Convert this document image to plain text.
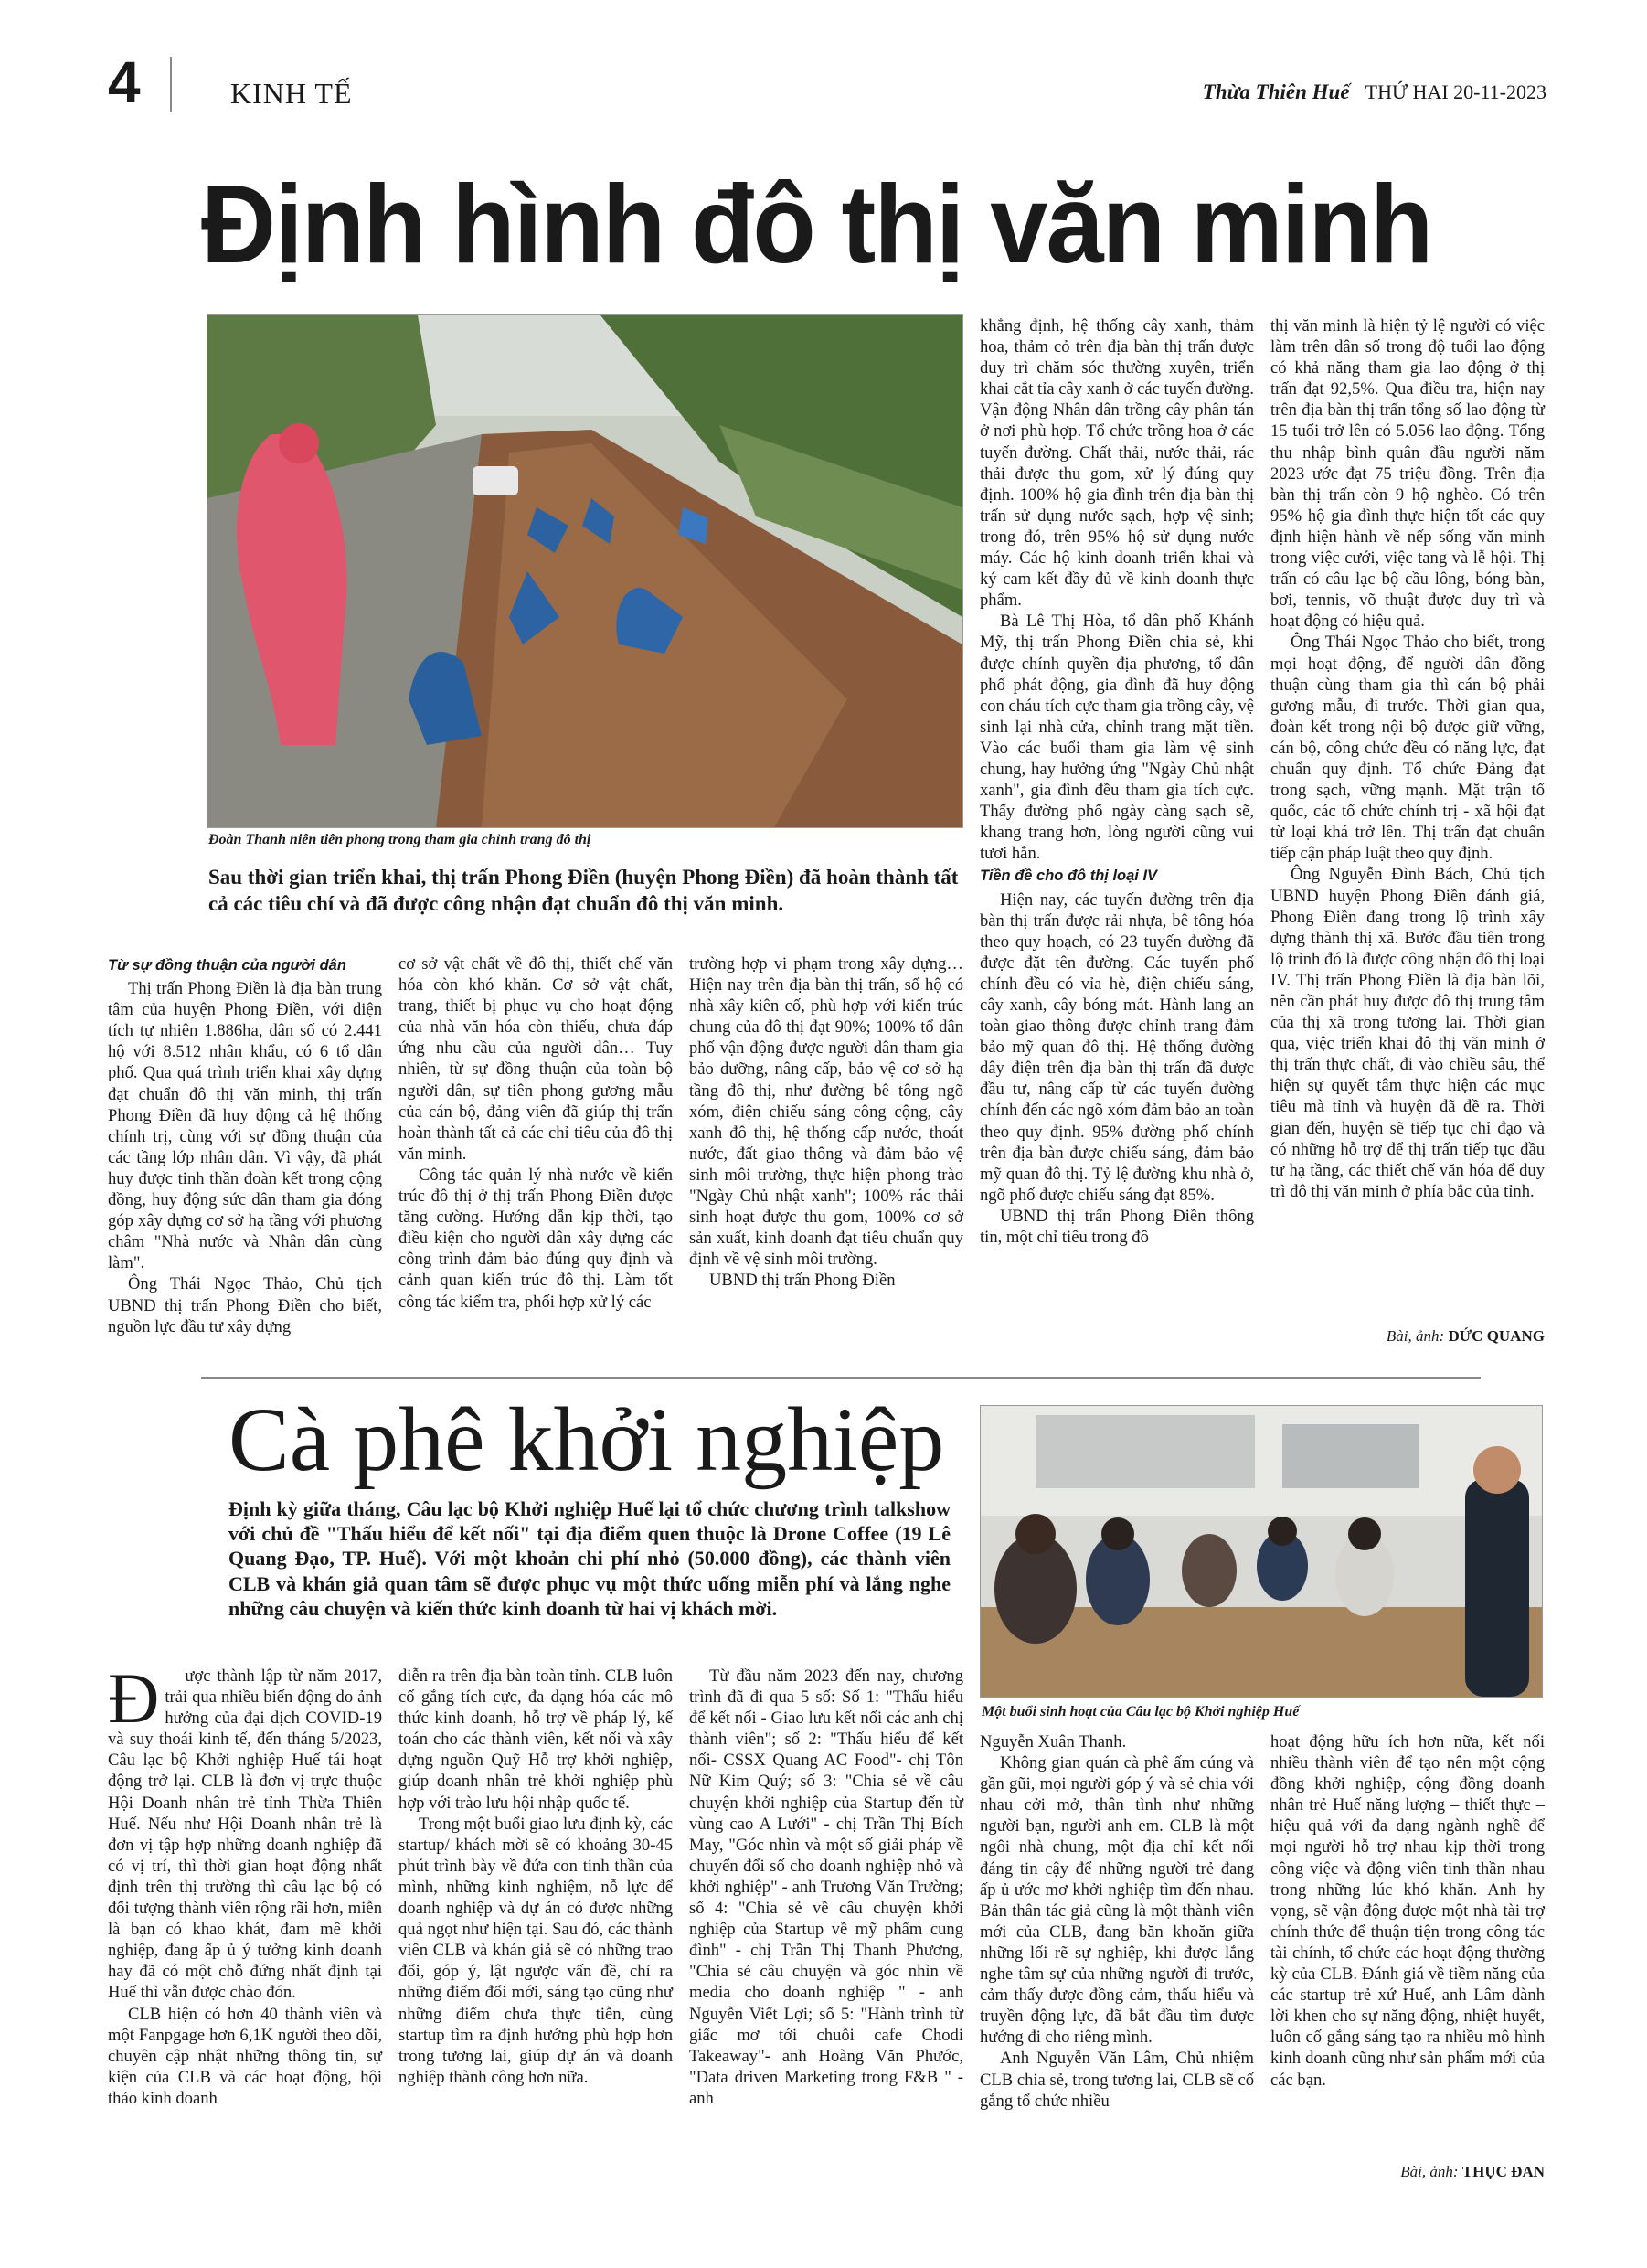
4	KINH TẾ	Thừa Thiên Huế THỨ HAI 20-11-2023
Định hình đô thị văn minh
Đoàn Thanh niên tiên phong trong tham gia chỉnh trang đô thị
Sau thời gian triển khai, thị trấn Phong Điền (huyện Phong Điền) đã hoàn thành tất cả các tiêu chí và đã được công nhận đạt chuẩn đô thị văn minh.
Từ sự đồng thuận của người dân

Thị trấn Phong Điền là địa bàn trung tâm của huyện Phong Điền, với diện tích tự nhiên 1.886ha, dân số có 2.441 hộ với 8.512 nhân khẩu, có 6 tổ dân phố. Qua quá trình triển khai xây dựng đạt chuẩn đô thị văn minh, thị trấn Phong Điền đã huy động cả hệ thống chính trị, cùng với sự đồng thuận của các tầng lớp nhân dân. Vì vậy, đã phát huy được tinh thần đoàn kết trong cộng đồng, huy động sức dân tham gia đóng góp xây dựng cơ sở hạ tầng với phương châm "Nhà nước và Nhân dân cùng làm".

Ông Thái Ngọc Thảo, Chủ tịch UBND thị trấn Phong Điền cho biết, nguồn lực đầu tư xây dựng

cơ sở vật chất về đô thị, thiết chế văn hóa còn khó khăn. Cơ sở vật chất, trang, thiết bị phục vụ cho hoạt động của nhà văn hóa còn thiếu, chưa đáp ứng nhu cầu của người dân… Tuy nhiên, từ sự đồng thuận của toàn bộ người dân, sự tiên phong gương mẫu của cán bộ, đảng viên đã giúp thị trấn hoàn thành tất cả các chỉ tiêu của đô thị văn minh.

Công tác quản lý nhà nước về kiến trúc đô thị ở thị trấn Phong Điền được tăng cường. Hướng dẫn kịp thời, tạo điều kiện cho người dân xây dựng các công trình đảm bảo đúng quy định và cảnh quan kiến trúc đô thị. Làm tốt công tác kiểm tra, phối hợp xử lý các

trường hợp vi phạm trong xây dựng… Hiện nay trên địa bàn thị trấn, số hộ có nhà xây kiên cố, phù hợp với kiến trúc chung của đô thị đạt 90%; 100% tổ dân phố vận động được người dân tham gia bảo dưỡng, nâng cấp, bảo vệ cơ sở hạ tầng đô thị, như đường bê tông ngõ xóm, điện chiếu sáng công cộng, cây xanh đô thị, hệ thống cấp nước, thoát nước, đất giao thông và đảm bảo vệ sinh môi trường, thực hiện phong trào "Ngày Chủ nhật xanh"; 100% rác thải sinh hoạt được thu gom, 100% cơ sở sản xuất, kinh doanh đạt tiêu chuẩn quy định về vệ sinh môi trường.

UBND thị trấn Phong Điền

khẳng định, hệ thống cây xanh, thảm hoa, thảm cỏ trên địa bàn thị trấn được duy trì chăm sóc thường xuyên, triển khai cắt tỉa cây xanh ở các tuyến đường. Vận động Nhân dân trồng cây phân tán ở nơi phù hợp. Tổ chức trồng hoa ở các tuyến đường. Chất thải, nước thải, rác thải được thu gom, xử lý đúng quy định. 100% hộ gia đình trên địa bàn thị trấn sử dụng nước sạch, hợp vệ sinh; trong đó, trên 95% hộ sử dụng nước máy. Các hộ kinh doanh triển khai và ký cam kết đầy đủ về kinh doanh thực phẩm.

Bà Lê Thị Hòa, tổ dân phố Khánh Mỹ, thị trấn Phong Điền chia sẻ, khi được chính quyền địa phương, tổ dân phố phát động, gia đình đã huy động con cháu tích cực tham gia trồng cây, vệ sinh lại nhà cửa, chỉnh trang mặt tiền. Vào các buổi tham gia làm vệ sinh chung, hay hưởng ứng "Ngày Chủ nhật xanh", gia đình đều tham gia tích cực. Thấy đường phố ngày càng sạch sẽ, khang trang hơn, lòng người cũng vui tươi hẳn.

Tiền đề cho đô thị loại IV

Hiện nay, các tuyến đường trên địa bàn thị trấn được rải nhựa, bê tông hóa theo quy hoạch, có 23 tuyến đường đã được đặt tên đường. Các tuyến phố chính đều có vỉa hè, điện chiếu sáng, cây xanh, cây bóng mát. Hành lang an toàn giao thông được chỉnh trang đảm bảo mỹ quan đô thị. Hệ thống đường dây điện trên địa bàn thị trấn đã được đầu tư, nâng cấp từ các tuyến đường chính đến các ngõ xóm đảm bảo an toàn theo quy định. 95% đường phố chính trên địa bàn được chiếu sáng, đảm bảo mỹ quan đô thị. Tỷ lệ đường khu nhà ở, ngõ phố được chiếu sáng đạt 85%.

UBND thị trấn Phong Điền thông tin, một chỉ tiêu trong đô

thị văn minh là hiện tỷ lệ người có việc làm trên dân số trong độ tuổi lao động có khả năng tham gia lao động ở thị trấn đạt 92,5%. Qua điều tra, hiện nay trên địa bàn thị trấn tổng số lao động từ 15 tuổi trở lên có 5.056 lao động. Tổng thu nhập bình quân đầu người năm 2023 ước đạt 75 triệu đồng. Trên địa bàn thị trấn còn 9 hộ nghèo. Có trên 95% hộ gia đình thực hiện tốt các quy định hiện hành về nếp sống văn minh trong việc cưới, việc tang và lễ hội. Thị trấn có câu lạc bộ cầu lông, bóng bàn, bơi, tennis, võ thuật được duy trì và hoạt động có hiệu quả.

Ông Thái Ngọc Thảo cho biết, trong mọi hoạt động, để người dân đồng thuận cùng tham gia thì cán bộ phải gương mẫu, đi trước. Thời gian qua, đoàn kết trong nội bộ được giữ vững, cán bộ, công chức đều có năng lực, đạt chuẩn quy định. Tổ chức Đảng đạt trong sạch, vững mạnh. Mặt trận tổ quốc, các tổ chức chính trị - xã hội đạt từ loại khá trở lên. Thị trấn đạt chuẩn tiếp cận pháp luật theo quy định.

Ông Nguyễn Đình Bách, Chủ tịch UBND huyện Phong Điền đánh giá, Phong Điền đang trong lộ trình xây dựng thành thị xã. Bước đầu tiên trong lộ trình đó là được công nhận đô thị loại IV. Thị trấn Phong Điền là địa bàn lõi, nên cần phát huy được đô thị trung tâm của thị xã trong tương lai. Thời gian qua, việc triển khai đô thị văn minh ở thị trấn thực chất, đi vào chiều sâu, thể hiện sự quyết tâm thực hiện các mục tiêu mà tỉnh và huyện đã đề ra. Thời gian đến, huyện sẽ tiếp tục chỉ đạo và có những hỗ trợ để thị trấn tiếp tục đầu tư hạ tầng, các thiết chế văn hóa để duy trì đô thị văn minh ở phía bắc của tỉnh.

Bài, ảnh: ĐỨC QUANG
Cà phê khởi nghiệp
Định kỳ giữa tháng, Câu lạc bộ Khởi nghiệp Huế lại tổ chức chương trình talkshow với chủ đề "Thấu hiểu để kết nối" tại địa điểm quen thuộc là Drone Coffee (19 Lê Quang Đạo, TP. Huế). Với một khoản chi phí nhỏ (50.000 đồng), các thành viên CLB và khán giả quan tâm sẽ được phục vụ một thức uống miễn phí và lắng nghe những câu chuyện và kiến thức kinh doanh từ hai vị khách mời.
Một buổi sinh hoạt của Câu lạc bộ Khởi nghiệp Huế
Đ	ược thành lập từ năm 2017, trải qua nhiều biến động do ảnh hưởng của đại dịch COVID-19 và suy thoái kinh tế, đến tháng 5/2023, Câu lạc bộ Khởi nghiệp Huế tái hoạt động trở lại. CLB là đơn vị trực thuộc Hội Doanh nhân trẻ tỉnh Thừa Thiên Huế. Nếu như Hội Doanh nhân trẻ là đơn vị tập hợp những doanh nghiệp đã có vị trí, thì thời gian hoạt động nhất định trên thị trường thì câu lạc bộ có đối tượng thành viên rộng rãi hơn, miễn là bạn có khao khát, đam mê khởi nghiệp, đang ấp ủ ý tưởng kinh doanh hay đã có một chỗ đứng nhất định tại Huế thì vẫn được chào đón.

CLB hiện có hơn 40 thành viên và một Fanpgage hơn 6,1K người theo dõi, chuyên cập nhật những thông tin, sự kiện của CLB và các hoạt động, hội thảo kinh doanh

diễn ra trên địa bàn toàn tỉnh. CLB luôn cố gắng tích cực, đa dạng hóa các mô thức kinh doanh, hỗ trợ về pháp lý, kế toán cho các thành viên, kết nối và xây dựng nguồn Quỹ Hỗ trợ khởi nghiệp, giúp doanh nhân trẻ khởi nghiệp phù hợp với trào lưu hội nhập quốc tế.

Trong một buổi giao lưu định kỳ, các startup/ khách mời sẽ có khoảng 30-45 phút trình bày về đứa con tinh thần của mình, những kinh nghiệm, nỗ lực để doanh nghiệp và dự án có được những quả ngọt như hiện tại. Sau đó, các thành viên CLB và khán giả sẽ có những trao đổi, góp ý, lật ngược vấn đề, chỉ ra những điểm đổi mới, sáng tạo cũng như những điểm chưa thực tiễn, cùng startup tìm ra định hướng phù hợp hơn trong tương lai, giúp dự án và doanh nghiệp thành công hơn nữa.

Từ đầu năm 2023 đến nay, chương trình đã đi qua 5 số: Số 1: "Thấu hiểu để kết nối - Giao lưu kết nối các anh chị thành viên"; số 2: "Thấu hiểu để kết nối- CSSX Quang AC Food"- chị Tôn Nữ Kim Quý; số 3: "Chia sẻ về câu chuyện khởi nghiệp của Startup đến từ vùng cao A Lưới" - chị Trần Thị Bích May, "Góc nhìn và một số giải pháp về chuyển đổi số cho doanh nghiệp nhỏ và khởi nghiệp" - anh Trương Văn Trường; số 4: "Chia sẻ về câu chuyện khởi nghiệp của Startup về mỹ phẩm cung đình" - chị Trần Thị Thanh Phương, "Chia sẻ câu chuyện và góc nhìn về media cho doanh nghiệp " - anh Nguyễn Viết Lợi; số 5: "Hành trình từ giấc mơ tới chuỗi cafe Chodi Takeaway"- anh Hoàng Văn Phước, "Data driven Marketing trong F&B " - anh

Nguyễn Xuân Thanh.

Không gian quán cà phê ấm cúng và gần gũi, mọi người góp ý và sẻ chia với nhau cởi mở, thân tình như những người bạn, người anh em. CLB là một ngôi nhà chung, một địa chỉ kết nối đáng tin cậy để những người trẻ đang ấp ủ ước mơ khởi nghiệp tìm đến nhau. Bản thân tác giả cũng là một thành viên mới của CLB, đang băn khoăn giữa những lối rẽ sự nghiệp, khi được lắng nghe tâm sự của những người đi trước, cảm thấy được đồng cảm, thấu hiểu và truyền động lực, đã bắt đầu tìm được hướng đi cho riêng mình.

Anh Nguyễn Văn Lâm, Chủ nhiệm CLB chia sẻ, trong tương lai, CLB sẽ cố gắng tổ chức nhiều

hoạt động hữu ích hơn nữa, kết nối nhiều thành viên để tạo nên một cộng đồng khởi nghiệp, cộng đồng doanh nhân trẻ Huế năng lượng – thiết thực – hiệu quả với đa dạng ngành nghề để mọi người hỗ trợ nhau kịp thời trong công việc và động viên tinh thần nhau trong những lúc khó khăn. Anh hy vọng, sẽ vận động được một nhà tài trợ chính thức để thuận tiện trong công tác tài chính, tổ chức các hoạt động thường kỳ của CLB. Đánh giá về tiềm năng của các startup trẻ xứ Huế, anh Lâm dành lời khen cho sự năng động, nhiệt huyết, luôn cố gắng sáng tạo ra nhiều mô hình kinh doanh cũng như sản phẩm mới của các bạn.

Bài, ảnh: THỤC ĐAN
